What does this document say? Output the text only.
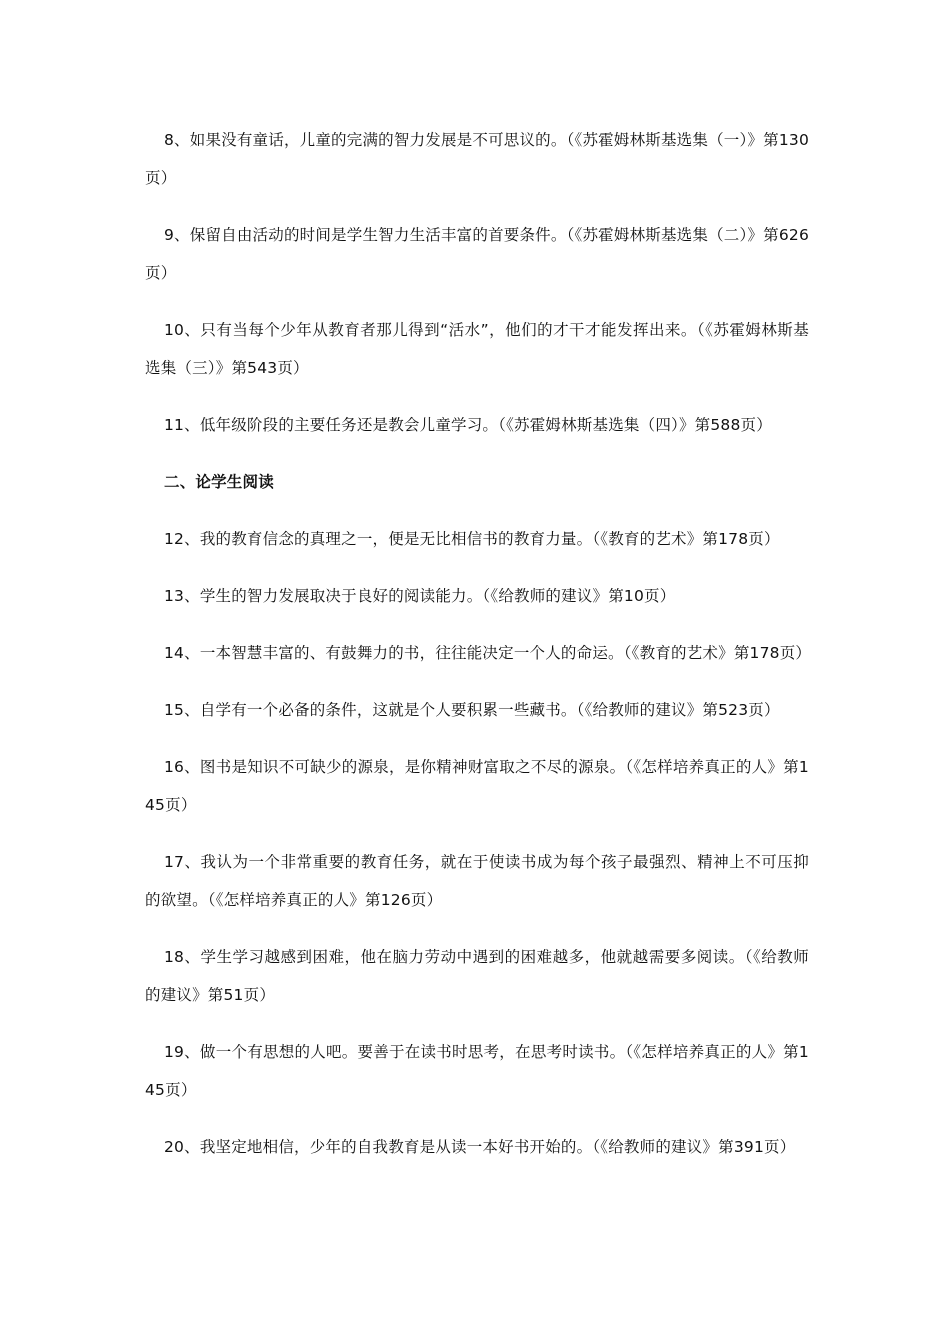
8、如果没有童话，儿童的完满的智力发展是不可思议的。（《苏霍姆林斯基选集（一）》第130页）

9、保留自由活动的时间是学生智力生活丰富的首要条件。（《苏霍姆林斯基选集（二）》第626页）

10、只有当每个少年从教育者那儿得到“活水”，他们的才干才能发挥出来。（《苏霍姆林斯基选集（三）》第543页）

11、低年级阶段的主要任务还是教会儿童学习。（《苏霍姆林斯基选集（四）》第588页）

二、论学生阅读

12、我的教育信念的真理之一，便是无比相信书的教育力量。（《教育的艺术》第178页）

13、学生的智力发展取决于良好的阅读能力。（《给教师的建议》第10页）

14、一本智慧丰富的、有鼓舞力的书，往往能决定一个人的命运。（《教育的艺术》第178页）

15、自学有一个必备的条件，这就是个人要积累一些藏书。（《给教师的建议》第523页）

16、图书是知识不可缺少的源泉，是你精神财富取之不尽的源泉。（《怎样培养真正的人》第145页）

17、我认为一个非常重要的教育任务，就在于使读书成为每个孩子最强烈、精神上不可压抑的欲望。（《怎样培养真正的人》第126页）

18、学生学习越感到困难，他在脑力劳动中遇到的困难越多，他就越需要多阅读。（《给教师的建议》第51页）

19、做一个有思想的人吧。要善于在读书时思考，在思考时读书。（《怎样培养真正的人》第145页）

20、我坚定地相信，少年的自我教育是从读一本好书开始的。（《给教师的建议》第391页）
